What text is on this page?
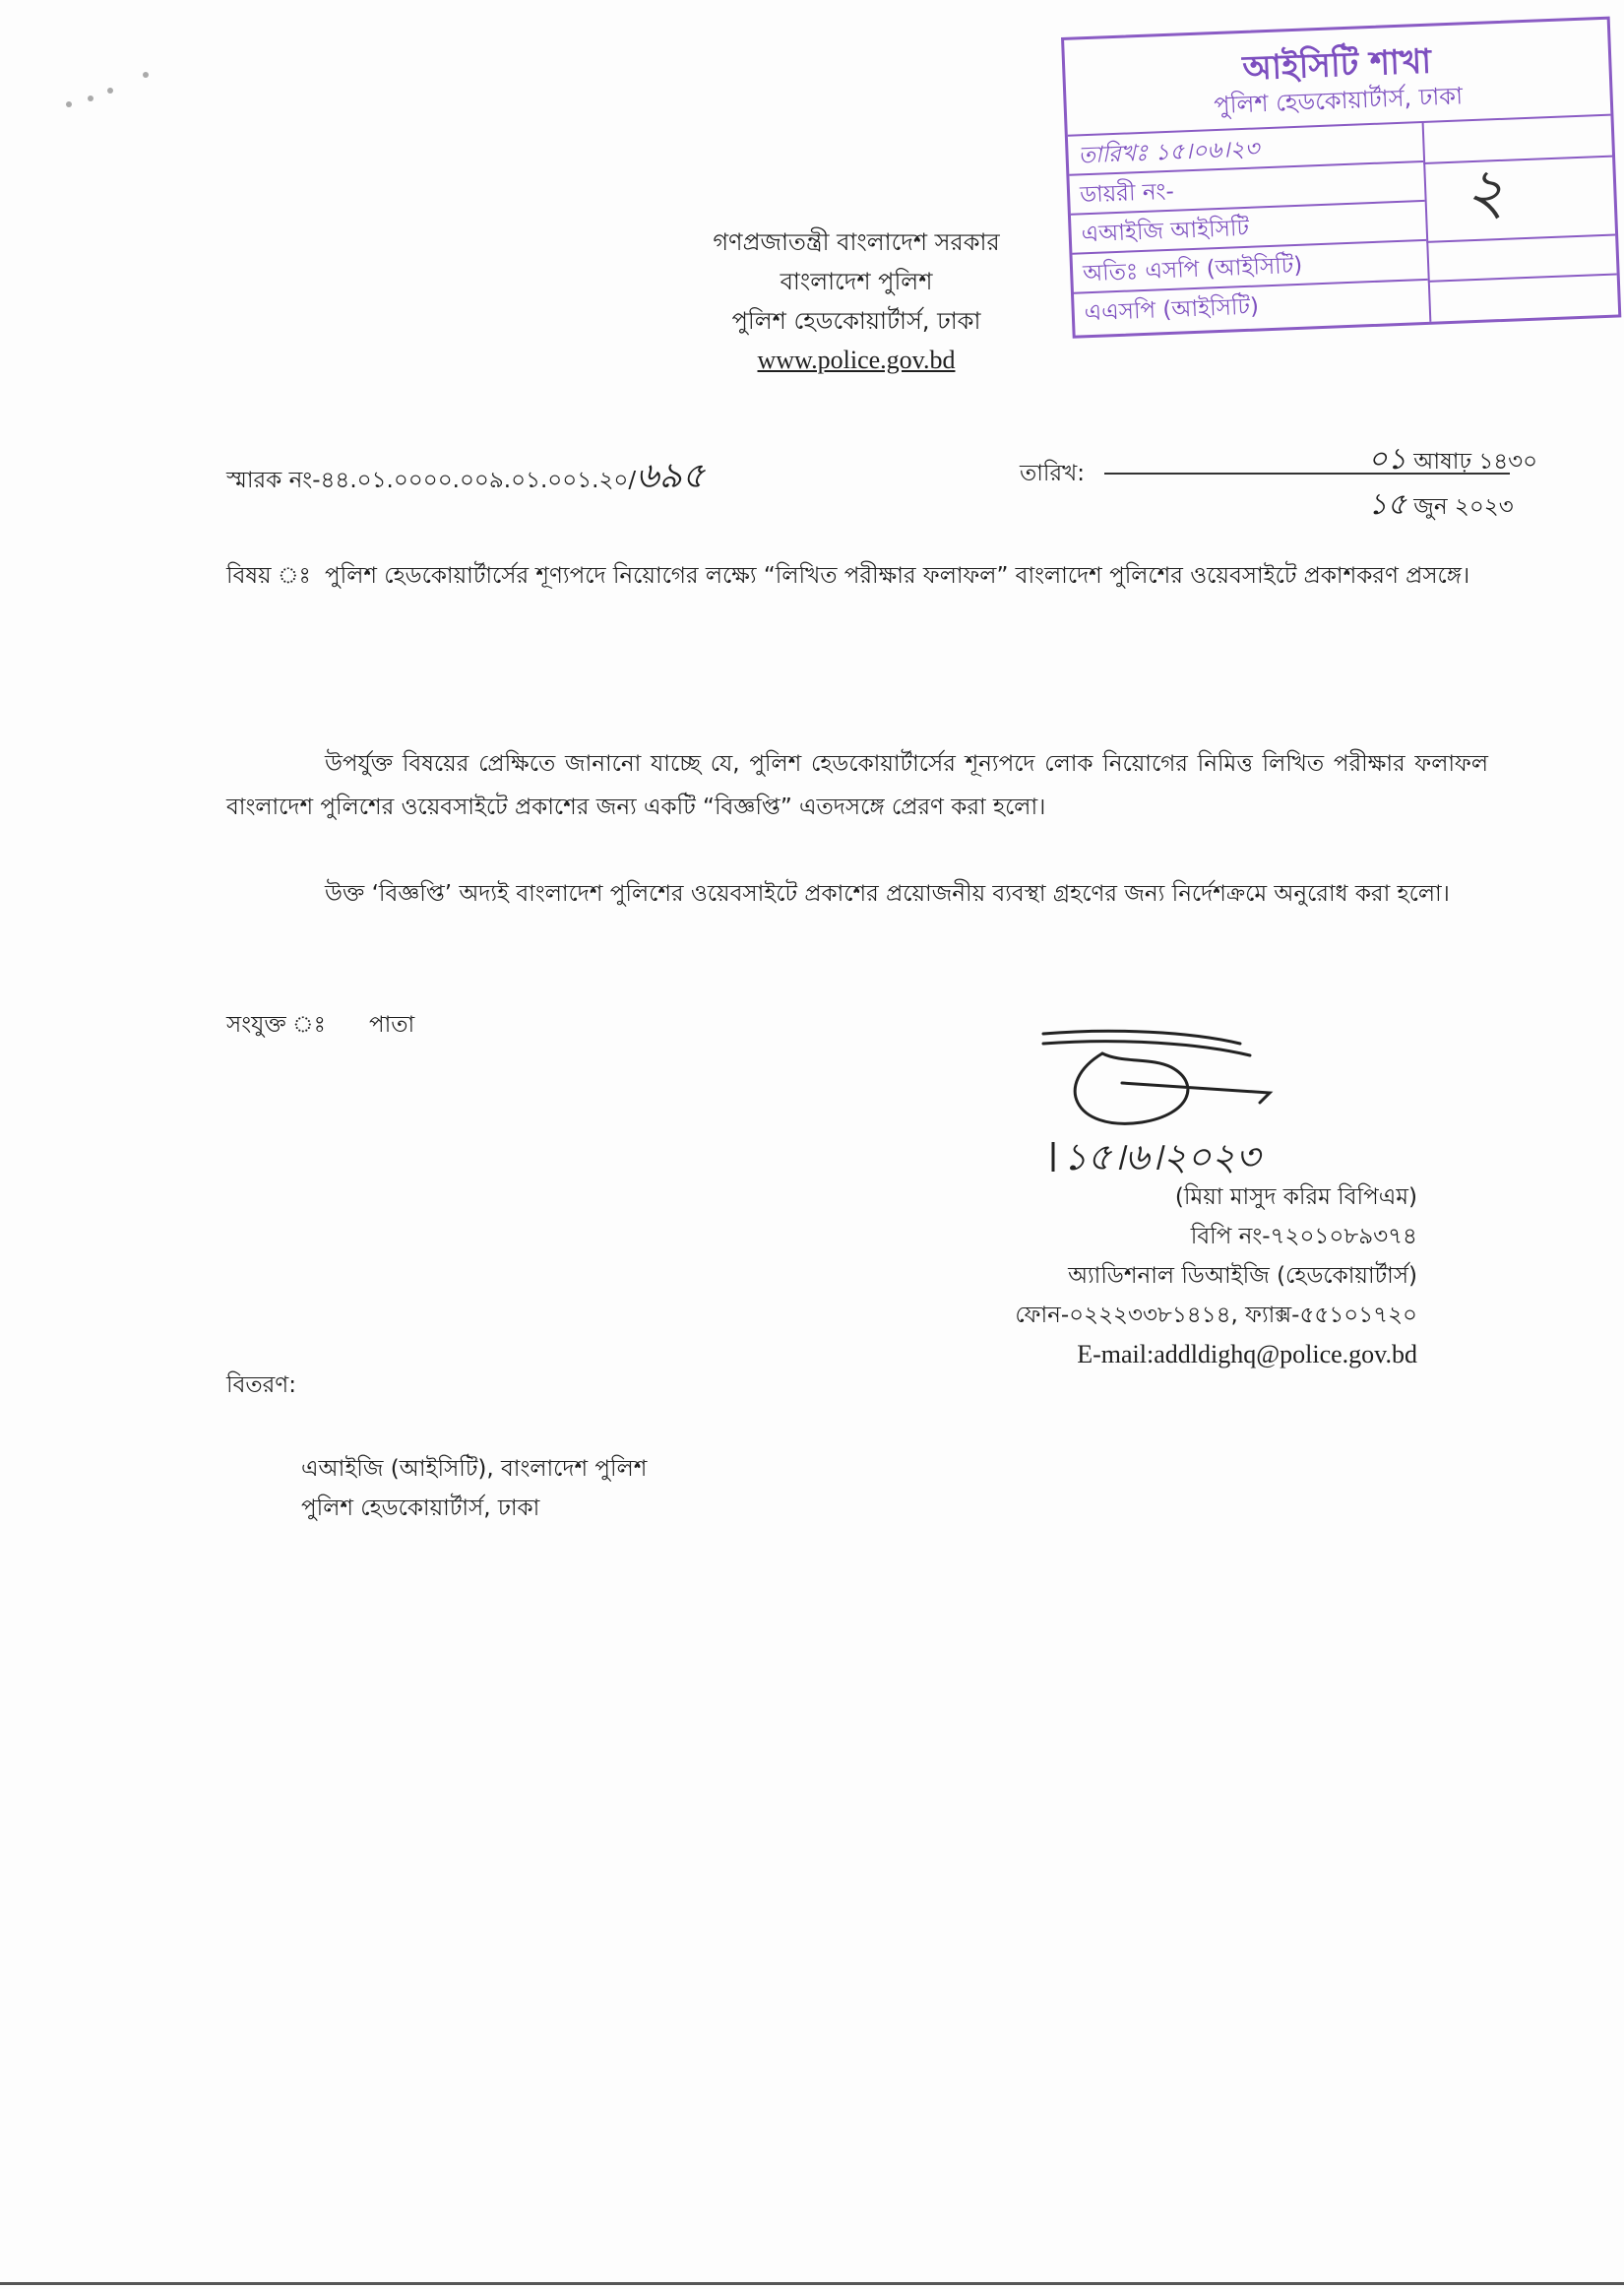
আইসিটি শাখা
পুলিশ হেডকোয়ার্টার্স, ঢাকা
তারিখঃ ১৫।০৬।২৩
ডায়রী নং-
এআইজি আইসিটি
অতিঃ এসপি (আইসিটি)
এএসপি (আইসিটি)
২
গণপ্রজাতন্ত্রী বাংলাদেশ সরকার
বাংলাদেশ পুলিশ
পুলিশ হেডকোয়ার্টার্স, ঢাকা
www.police.gov.bd
স্মারক নং-৪৪.০১.০০০০.০০৯.০১.০০১.২০/৬৯৫	তারিখ:	০১ আষাঢ় ১৪৩০
১৫ জুন ২০২৩
বিষয় ঃ পুলিশ হেডকোয়ার্টার্সের শূণ্যপদে নিয়োগের লক্ষ্যে “লিখিত পরীক্ষার ফলাফল” বাংলাদেশ পুলিশের ওয়েবসাইটে প্রকাশকরণ প্রসঙ্গে।
উপর্যুক্ত বিষয়ের প্রেক্ষিতে জানানো যাচ্ছে যে, পুলিশ হেডকোয়ার্টার্সের শূন্যপদে লোক নিয়োগের নিমিত্ত লিখিত পরীক্ষার ফলাফল বাংলাদেশ পুলিশের ওয়েবসাইটে প্রকাশের জন্য একটি “বিজ্ঞপ্তি” এতদসঙ্গে প্রেরণ করা হলো।
উক্ত ‘বিজ্ঞপ্তি’ অদ্যই বাংলাদেশ পুলিশের ওয়েবসাইটে প্রকাশের প্রয়োজনীয় ব্যবস্থা গ্রহণের জন্য নির্দেশক্রমে অনুরোধ করা হলো।
সংযুক্ত ঃ পাতা
১৫।৬।২০২৩
(মিয়া মাসুদ করিম বিপিএম)
বিপি নং-৭২০১০৮৯৩৭৪
অ্যাডিশনাল ডিআইজি (হেডকোয়ার্টার্স)
ফোন-০২২২৩৩৮১৪১৪, ফ্যাক্স-৫৫১০১৭২০
E-mail:addldighq@police.gov.bd
বিতরণ:
এআইজি (আইসিটি), বাংলাদেশ পুলিশ
পুলিশ হেডকোয়ার্টার্স, ঢাকা
